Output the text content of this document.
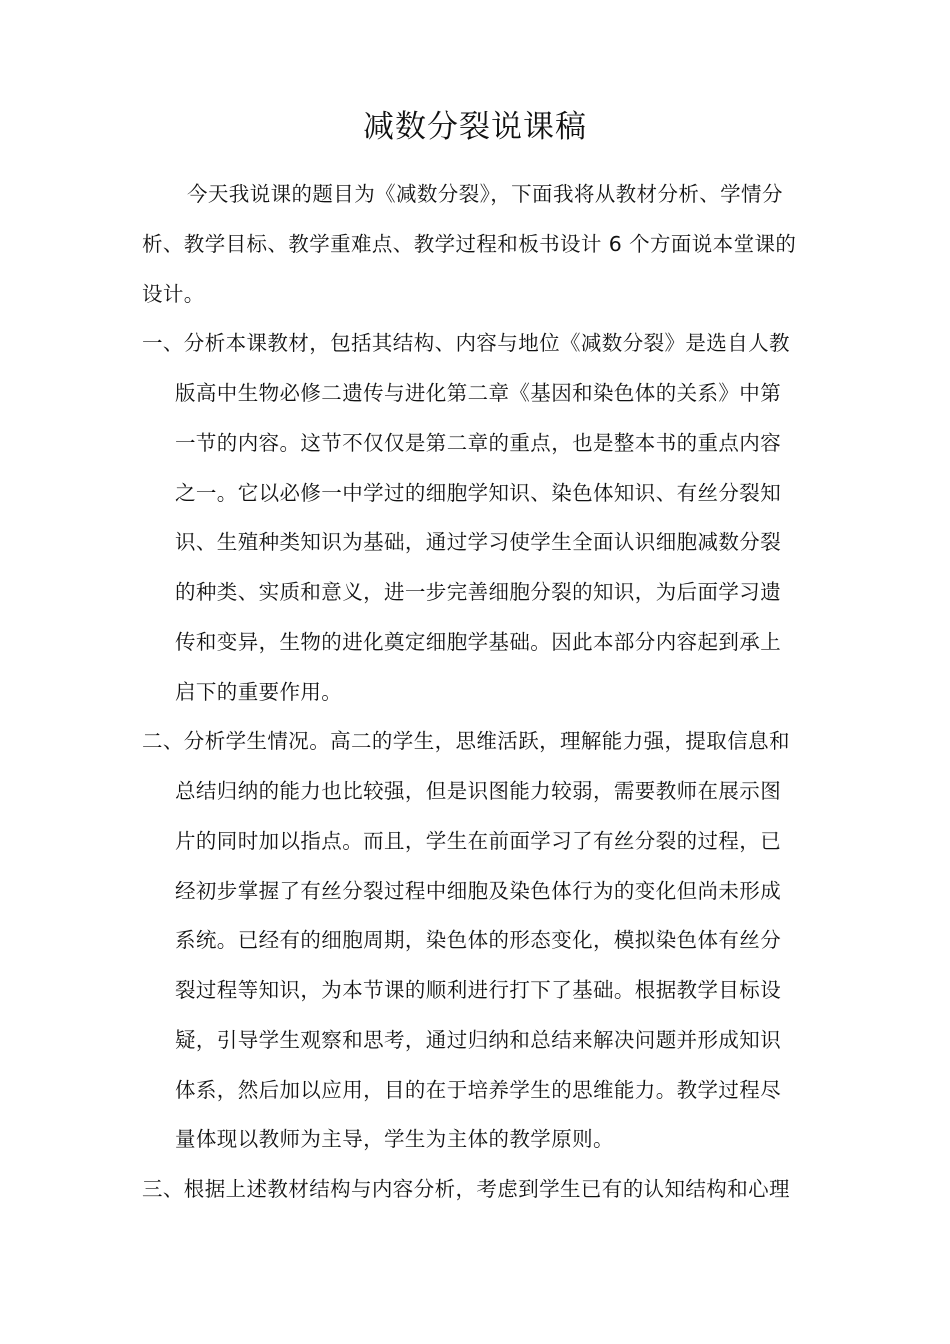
减数分裂说课稿
今天我说课的题目为《减数分裂》，下面我将从教材分析、学情分
析、教学目标、教学重难点、教学过程和板书设计 6 个方面说本堂课的
设计。
一、分析本课教材，包括其结构、内容与地位《减数分裂》是选自人教
版高中生物必修二遗传与进化第二章《基因和染色体的关系》中第
一节的内容。这节不仅仅是第二章的重点，也是整本书的重点内容
之一。它以必修一中学过的细胞学知识、染色体知识、有丝分裂知
识、生殖种类知识为基础，通过学习使学生全面认识细胞减数分裂
的种类、实质和意义，进一步完善细胞分裂的知识，为后面学习遗
传和变异，生物的进化奠定细胞学基础。因此本部分内容起到承上
启下的重要作用。
二、分析学生情况。高二的学生，思维活跃，理解能力强，提取信息和
总结归纳的能力也比较强，但是识图能力较弱，需要教师在展示图
片的同时加以指点。而且，学生在前面学习了有丝分裂的过程，已
经初步掌握了有丝分裂过程中细胞及染色体行为的变化但尚未形成
系统。已经有的细胞周期，染色体的形态变化，模拟染色体有丝分
裂过程等知识，为本节课的顺利进行打下了基础。根据教学目标设
疑，引导学生观察和思考，通过归纳和总结来解决问题并形成知识
体系，然后加以应用，目的在于培养学生的思维能力。教学过程尽
量体现以教师为主导，学生为主体的教学原则。
三、根据上述教材结构与内容分析，考虑到学生已有的认知结构和心理
